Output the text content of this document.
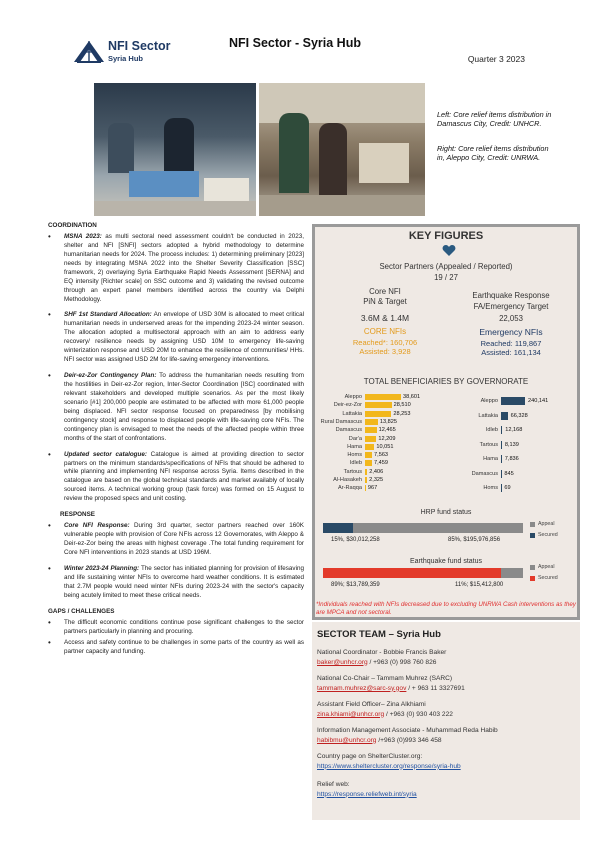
NFI Sector
Syria Hub
NFI Sector - Syria Hub
Quarter 3 2023
Left: Core relief items distribution in Damascus City, Credit: UNHCR.
Right: Core relief items distribution in, Aleppo City, Credit: UNRWA.
COORDINATION
• MSNA 2023: as multi sectoral need assessment couldn't be conducted in 2023, shelter and NFI [SNFI] sectors adopted a hybrid methodology to determine humanitarian needs for 2024. The process includes: 1) determining preliminary [2023] needs by integrating MSNA 2022 into the Shelter Severity Classification [SSC] framework, 2) overlaying Syria Earthquake Rapid Needs Assessment [SERNA] and EQ intensity [Richter scale] on SSC outcome and 3) validating the revised outcome through an expert panel members identified across the country via Delphi Methodology.
• SHF 1st Standard Allocation: An envelope of USD 30M is allocated to meet critical humanitarian needs in underserved areas for the impending 2023-24 winter season. The allocation adopted a multisectoral approach with an aim to address early recovery/ resilience needs by assigning USD 10M to emergency life-saving winterization response and USD 20M to enhance the resilience of communities/ HHs. NFI sector was assigned USD 2M for life-saving emergency interventions.
• Deir-ez-Zor Contingency Plan: To address the humanitarian needs resulting from the hostilities in Deir-ez-Zor region, Inter-Sector Coordination [ISC] coordinated with relevant stakeholders and developed multiple scenarios. As per the most likely scenario [#1] 200,000 people are estimated to be affected with more 61,000 people being displaced. NFI sector response focused on preparedness [by mobilising contingency stock] and response to displaced people with life-saving core NFIs. The contingency plan is envisaged to meet the needs of the affected people within three months of the start of confrontations.
• Updated sector catalogue: Catalogue is aimed at providing direction to sector partners on the minimum standards/specifications of NFIs that should be adhered to while planning and implementing NFI response across Syria. Items described in the catalogue are based on the global technical standards and market availably of locally sourced items. A technical working group (task force) was formed on 15 August to review the proposed specs and unit costing.
RESPONSE
• Core NFI Response: During 3rd quarter, sector partners reached over 160K vulnerable people with provision of Core NFIs across 12 Governorates, with Aleppo & Deir-ez-Zor being the areas with highest coverage .The total funding requirement for Core NFI interventions in 2023 stands at USD 196M.
• Winter 2023-24 Planning: The sector has initiated planning for provision of lifesaving and life sustaining winter NFIs to overcome hard weather conditions. It is estimated that 2.7M people would need winter NFIs during 2023-24 with the sector's capacity being acutely limited to meet these critical needs.
GAPS / CHALLENGES
• The difficult economic conditions continue pose significant challenges to the sector partners particularly in planning and procuring.
• Access and safety continue to be challenges in some parts of the country as well as partner capacity and funding.
KEY FIGURES
Sector Partners (Appealed / Reported)
19 / 27
Core NFI
PiN & Target
3.6M & 1.4M
CORE NFIs
Reached*: 160,706
Assisted: 3,928
Earthquake Response
FA/Emergency Target
22,053
Emergency NFIs
Reached: 119,867
Assisted: 161,134
TOTAL BENEFICIARIES BY GOVERNORATE
Aleppo	38,601
Deir-ez-Zor	28,510
Lattakia	28,253
Rural Damascus	13,825
Damascus	12,465
Dar'a	12,209
Hama	10,051
Homs	7,563
Idleb	7,459
Tartous	2,406
Al-Hasakeh	2,325
Ar-Raqqa	967
Aleppo	240,141
Lattakia	66,328
Idleb	12,168
Tartous	8,139
Hama	7,836
Damascus	845
Homs	69
HRP fund status
Appeal
Secured
15%, $30,012,258	85%, $195,976,856
Earthquake fund status
Appeal
Secured
89%; $13,789,359	11%; $15,412,800
*Individuals reached with NFIs decreased due to excluding UNRWA Cash interventions as they are MPCA and not sectoral.
SECTOR TEAM – Syria Hub
National Coordinator - Bobbie Francis Baker
baker@unhcr.org / +963 (0) 998 760 826
National Co-Chair – Tammam Muhrez (SARC)
tammam.muhrez@sarc-sy.gov / + 963 11 3327691
Assistant Field Officer– Zina Alkhiami
zina.khiami@unhcr.org / +963 (0) 930 403 222
Information Management Associate - Muhammad Reda Habib
habibmu@unhcr.org /+963 (0)993 346 458
Country page on ShelterCluster.org:
https://www.sheltercluster.org/response/syria-hub
Relief web:
https://response.reliefweb.int/syria
